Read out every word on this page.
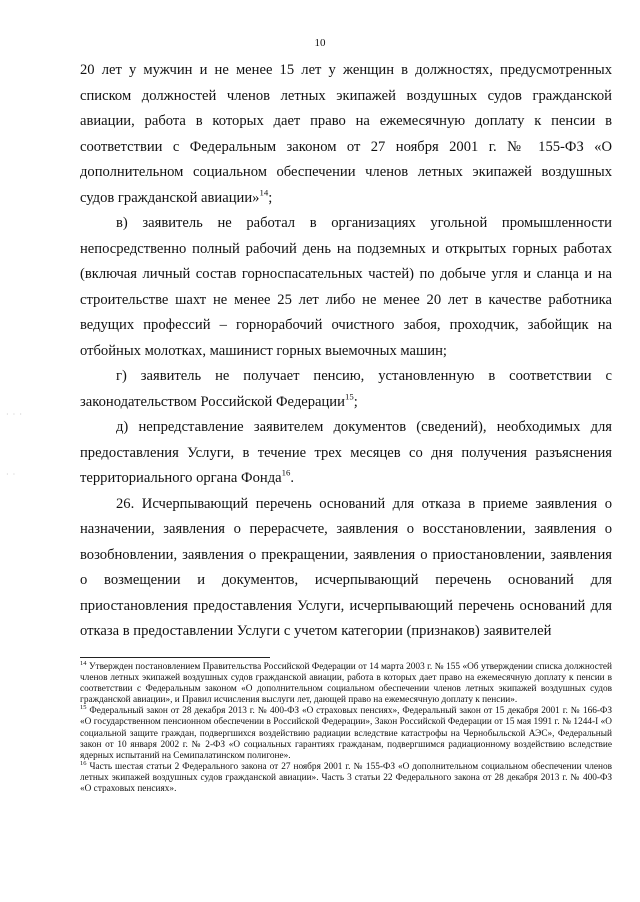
10
· · ·
· ·

20 лет у мужчин и не менее 15 лет у женщин в должностях, предусмотренных списком должностей членов летных экипажей воздушных судов гражданской авиации, работа в которых дает право на ежемесячную доплату к пенсии в соответствии с Федеральным законом от 27 ноября 2001 г. № 155-ФЗ «О дополнительном социальном обеспечении членов летных экипажей воздушных судов гражданской авиации»$^{14}$;

в) заявитель не работал в организациях угольной промышленности непосредственно полный рабочий день на подземных и открытых горных работах (включая личный состав горноспасательных частей) по добыче угля и сланца и на строительстве шахт не менее 25 лет либо не менее 20 лет в качестве работника ведущих профессий – горнорабочий очистного забоя, проходчик, забойщик на отбойных молотках, машинист горных выемочных машин;

г) заявитель не получает пенсию, установленную в соответствии с законодательством Российской Федерации$^{15}$;

д) непредставление заявителем документов (сведений), необходимых для предоставления Услуги, в течение трех месяцев со дня получения разъяснения территориального органа Фонда$^{16}$.

26. Исчерпывающий перечень оснований для отказа в приеме заявления о назначении, заявления о перерасчете, заявления о восстановлении, заявления о возобновлении, заявления о прекращении, заявления о приостановлении, заявления о возмещении и документов, исчерпывающий перечень оснований для приостановления предоставления Услуги, исчерпывающий перечень оснований для отказа в предоставлении Услуги с учетом категории (признаков) заявителей

$^{14}$ Утвержден постановлением Правительства Российской Федерации от 14 марта 2003 г. № 155 «Об утверждении списка должностей членов летных экипажей воздушных судов гражданской авиации, работа в которых дает право на ежемесячную доплату к пенсии в соответствии с Федеральным законом «О дополнительном социальном обеспечении членов летных экипажей воздушных судов гражданской авиации», и Правил исчисления выслуги лет, дающей право на ежемесячную доплату к пенсии».

$^{15}$ Федеральный закон от 28 декабря 2013 г. № 400-ФЗ «О страховых пенсиях», Федеральный закон от 15 декабря 2001 г. № 166-ФЗ «О государственном пенсионном обеспечении в Российской Федерации», Закон Российской Федерации от 15 мая 1991 г. № 1244-I «О социальной защите граждан, подвергшихся воздействию радиации вследствие катастрофы на Чернобыльской АЭС», Федеральный закон от 10 января 2002 г. № 2-ФЗ «О социальных гарантиях гражданам, подвергшимся радиационному воздействию вследствие ядерных испытаний на Семипалатинском полигоне».

$^{16}$ Часть шестая статьи 2 Федерального закона от 27 ноября 2001 г. № 155-ФЗ «О дополнительном социальном обеспечении членов летных экипажей воздушных судов гражданской авиации». Часть 3 статьи 22 Федерального закона от 28 декабря 2013 г. № 400-ФЗ «О страховых пенсиях».
